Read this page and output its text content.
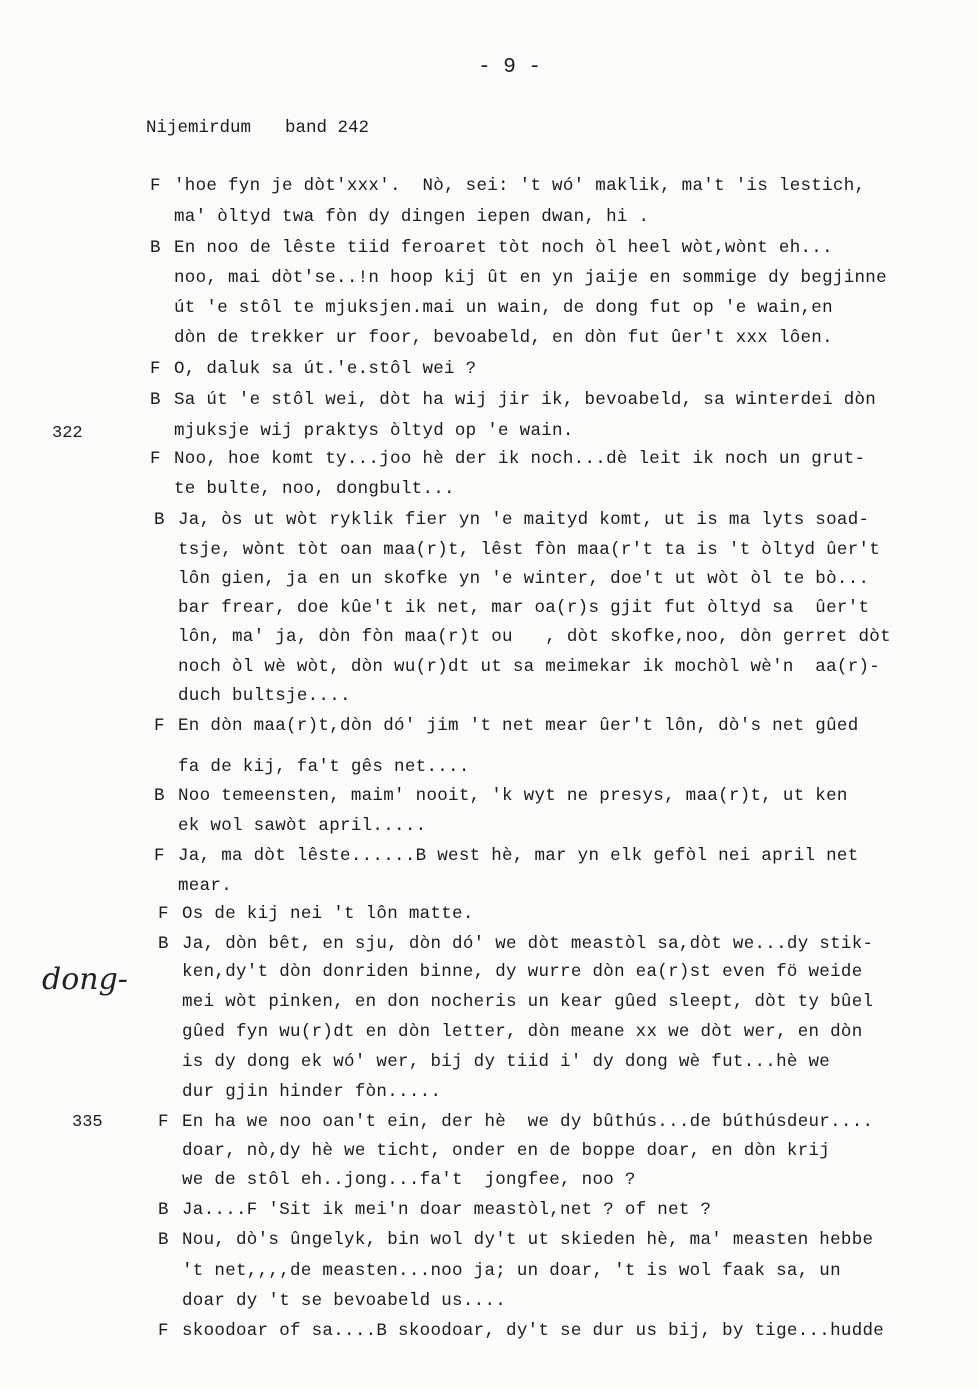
- 9 -
Nijemirdum band 242
322
335
dong-
F 'hoe fyn je dòt'xxx'.  Nò, sei: 't wó' maklik, ma't 'is lestich,
ma' òltyd twa fòn dy dingen iepen dwan, hi .
B En noo de lêste tiid feroaret tòt noch òl heel wòt,wònt eh...
noo, mai dòt'se..!n hoop kij ût en yn jaije en sommige dy begjinne
út 'e stôl te mjuksjen.mai un wain, de dong fut op 'e wain,en
dòn de trekker ur foor, bevoabeld, en dòn fut ûer't xxx lôen.
F O, daluk sa út.'e.stôl wei ?
B Sa út 'e stôl wei, dòt ha wij jir ik, bevoabeld, sa winterdei dòn
mjuksje wij praktys òltyd op 'e wain.
F Noo, hoe komt ty...joo hè der ik noch...dè leit ik noch un grut-
te bulte, noo, dongbult...
B Ja, òs ut wòt ryklik fier yn 'e maityd komt, ut is ma lyts soad-
tsje, wònt tòt oan maa(r)t, lêst fòn maa(r't ta is 't òltyd ûer't
lôn gien, ja en un skofke yn 'e winter, doe't ut wòt òl te bò...
bar frear, doe kûe't ik net, mar oa(r)s gjit fut òltyd sa  ûer't
lôn, ma' ja, dòn fòn maa(r)t ou   , dòt skofke,noo, dòn gerret dòt
noch òl wè wòt, dòn wu(r)dt ut sa meimekar ik mochòl wè'n  aa(r)-
duch bultsje....
F En dòn maa(r)t,dòn dó' jim 't net mear ûer't lôn, dò's net gûed
fa de kij, fa't gês net....
B Noo temeensten, maim' nooit, 'k wyt ne presys, maa(r)t, ut ken
ek wol sawòt april.....
F Ja, ma dòt lêste......B west hè, mar yn elk gefòl nei april net
mear.
F Os de kij nei 't lôn matte.
B Ja, dòn bêt, en sju, dòn dó' we dòt meastòl sa,dòt we...dy stik-
ken,dy't dòn donriden binne, dy wurre dòn ea(r)st even fö weide
mei wòt pinken, en don nocheris un kear gûed sleept, dòt ty bûel
gûed fyn wu(r)dt en dòn letter, dòn meane xx we dòt wer, en dòn
is dy dong ek wó' wer, bij dy tiid i' dy dong wè fut...hè we
dur gjin hinder fòn.....
F En ha we noo oan't ein, der hè  we dy bûthús...de búthúsdeur....
doar, nò,dy hè we ticht, onder en de boppe doar, en dòn krij
we de stôl eh..jong...fa't  jongfee, noo ?
B Ja....F 'Sit ik mei'n doar meastòl,net ? of net ?
B Nou, dò's ûngelyk, bin wol dy't ut skieden hè, ma' measten hebbe
't net,,,,de measten...noo ja; un doar, 't is wol faak sa, un
doar dy 't se bevoabeld us....
F skoodoar of sa....B skoodoar, dy't se dur us bij, by tige...hudde
